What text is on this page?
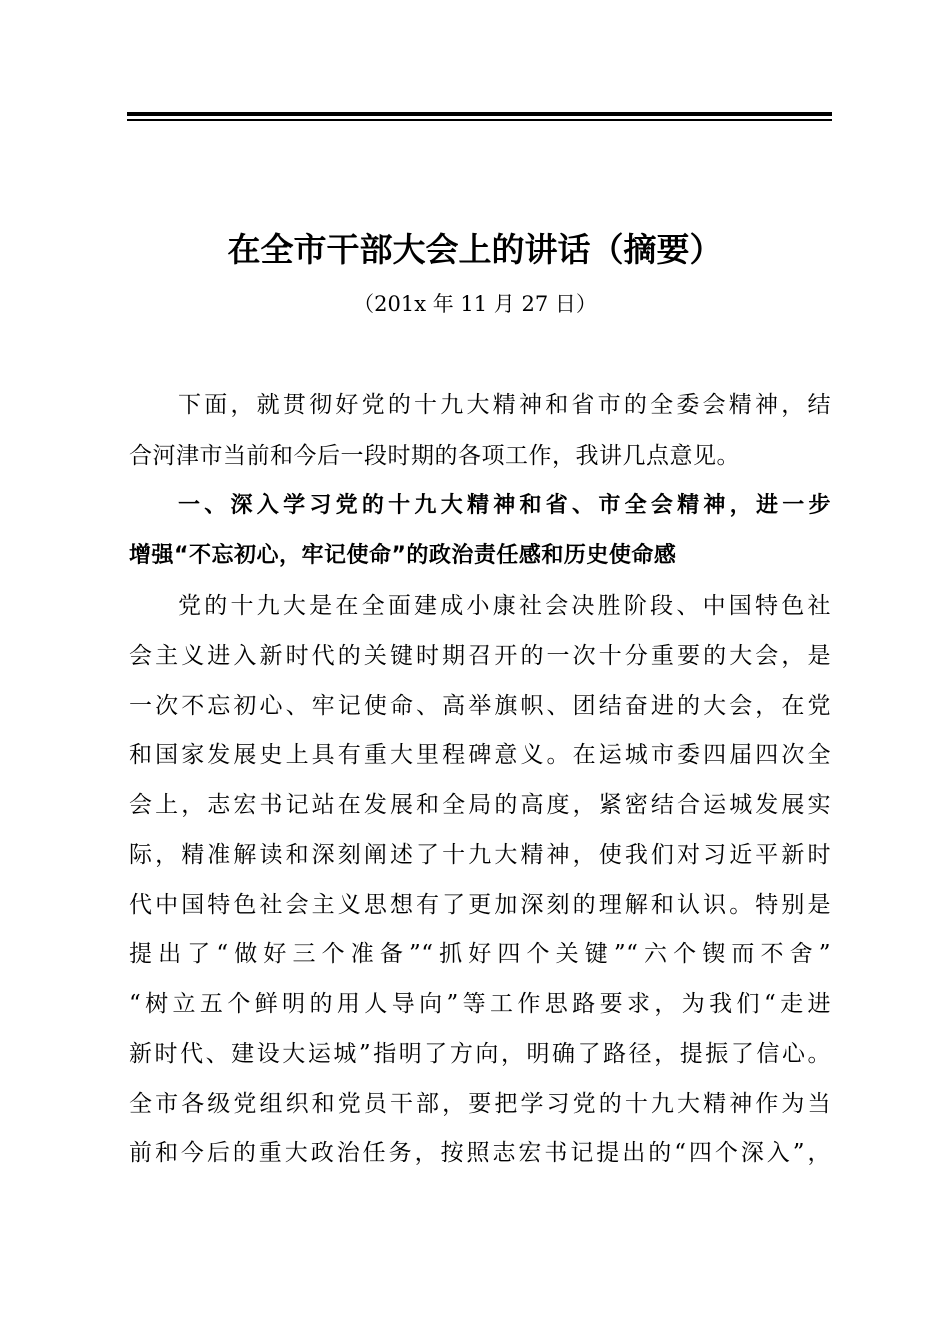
在全市干部大会上的讲话（摘要）
（201x 年 11 月 27 日）
下面，就贯彻好党的十九大精神和省市的全委会精神，结
合河津市当前和今后一段时期的各项工作，我讲几点意见。
一、深入学习党的十九大精神和省、市全会精神，进一步
增强“不忘初心，牢记使命”的政治责任感和历史使命感
党的十九大是在全面建成小康社会决胜阶段、中国特色社
会主义进入新时代的关键时期召开的一次十分重要的大会，是
一次不忘初心、牢记使命、高举旗帜、团结奋进的大会，在党
和国家发展史上具有重大里程碑意义。在运城市委四届四次全
会上，志宏书记站在发展和全局的高度，紧密结合运城发展实
际，精准解读和深刻阐述了十九大精神，使我们对习近平新时
代中国特色社会主义思想有了更加深刻的理解和认识。特别是
提出了“做好三个准备”“抓好四个关键”“六个锲而不舍”
“树立五个鲜明的用人导向”等工作思路要求，为我们“走进
新时代、建设大运城”指明了方向，明确了路径，提振了信心。
全市各级党组织和党员干部，要把学习党的十九大精神作为当
前和今后的重大政治任务，按照志宏书记提出的“四个深入”，
